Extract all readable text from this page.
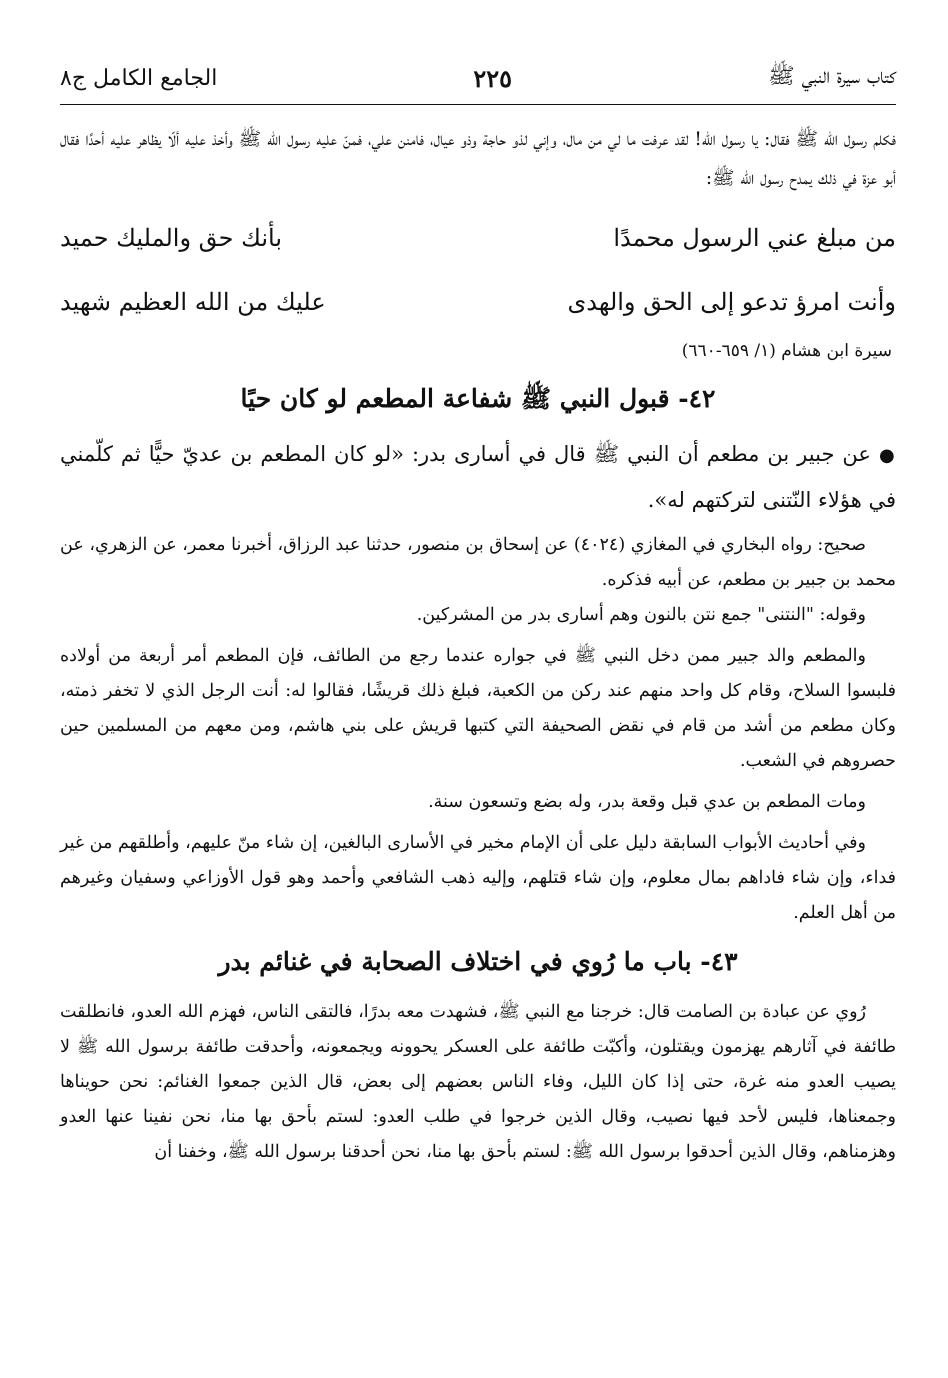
كتاب سيرة النبي ﷺ
٢٢٥
الجامع الكامل ج٨

فكلم رسول الله ﷺ فقال: يا رسول الله! لقد عرفت ما لي من مال، وإني لذو حاجة وذو عيال، فامنن علي، فمنّ عليه رسول الله ﷺ وأخذ عليه ألّا يظاهر عليه أحدًا فقال أبو عزة في ذلك يمدح رسول الله ﷺ:

من مبلغ عني الرسول محمدًا
بأنك حق والمليك حميد
وأنت امرؤ تدعو إلى الحق والهدى
عليك من الله العظيم شهيد

سيرة ابن هشام (١/ ٦٥٩-٦٦٠)

٤٢- قبول النبي ﷺ شفاعة المطعم لو كان حيًا

●عن جبير بن مطعم أن النبي ﷺ قال في أسارى بدر: «لو كان المطعم بن عديّ حيًّا ثم كلّمني في هؤلاء النّتنى لتركتهم له».

صحيح: رواه البخاري في المغازي (٤٠٢٤) عن إسحاق بن منصور، حدثنا عبد الرزاق، أخبرنا معمر، عن الزهري، عن محمد بن جبير بن مطعم، عن أبيه فذكره.

وقوله: "النتنى" جمع نتن بالنون وهم أسارى بدر من المشركين.

والمطعم والد جبير ممن دخل النبي ﷺ في جواره عندما رجع من الطائف، فإن المطعم أمر أربعة من أولاده فلبسوا السلاح، وقام كل واحد منهم عند ركن من الكعبة، فبلغ ذلك قريشًا، فقالوا له: أنت الرجل الذي لا تخفر ذمته، وكان مطعم من أشد من قام في نقض الصحيفة التي كتبها قريش على بني هاشم، ومن معهم من المسلمين حين حصروهم في الشعب.

ومات المطعم بن عدي قبل وقعة بدر، وله بضع وتسعون سنة.

وفي أحاديث الأبواب السابقة دليل على أن الإمام مخير في الأسارى البالغين، إن شاء منّ عليهم، وأطلقهم من غير فداء، وإن شاء فاداهم بمال معلوم، وإن شاء قتلهم، وإليه ذهب الشافعي وأحمد وهو قول الأوزاعي وسفيان وغيرهم من أهل العلم.

٤٣- باب ما رُوي في اختلاف الصحابة في غنائم بدر

رُوي عن عبادة بن الصامت قال: خرجنا مع النبي ﷺ، فشهدت معه بدرًا، فالتقى الناس، فهزم الله العدو، فانطلقت طائفة في آثارهم يهزمون ويقتلون، وأكبّت طائفة على العسكر يحوونه ويجمعونه، وأحدقت طائفة برسول الله ﷺ لا يصيب العدو منه غرة، حتى إذا كان الليل، وفاء الناس بعضهم إلى بعض، قال الذين جمعوا الغنائم: نحن حويناها وجمعناها، فليس لأحد فيها نصيب، وقال الذين خرجوا في طلب العدو: لستم بأحق بها منا، نحن نفينا عنها العدو وهزمناهم، وقال الذين أحدقوا برسول الله ﷺ: لستم بأحق بها منا، نحن أحدقنا برسول الله ﷺ، وخفنا أن
